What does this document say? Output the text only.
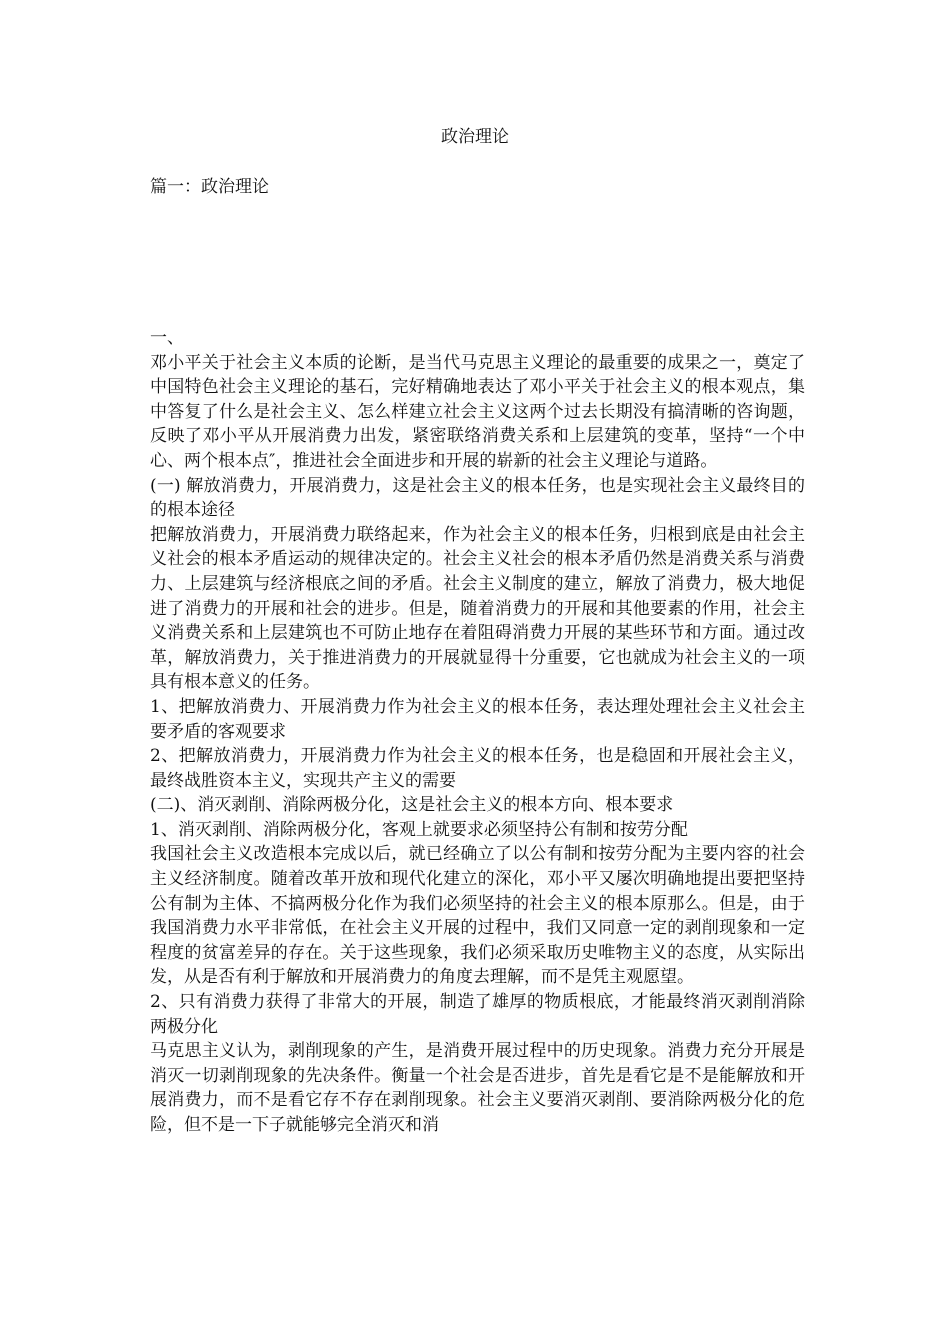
政治理论
篇一：政治理论

一、

邓小平关于社会主义本质的论断，是当代马克思主义理论的最重要的成果之一，奠定了中国特色社会主义理论的基石，完好精确地表达了邓小平关于社会主义的根本观点，集中答复了什么是社会主义、怎么样建立社会主义这两个过去长期没有搞清晰的咨询题，反映了邓小平从开展消费力出发，紧密联络消费关系和上层建筑的变革，坚持“一个中心、两个根本点″，推进社会全面进步和开展的崭新的社会主义理论与道路。

(一) 解放消费力，开展消费力，这是社会主义的根本任务，也是实现社会主义最终目的的根本途径

把解放消费力，开展消费力联络起来，作为社会主义的根本任务，归根到底是由社会主义社会的根本矛盾运动的规律决定的。社会主义社会的根本矛盾仍然是消费关系与消费力、上层建筑与经济根底之间的矛盾。社会主义制度的建立，解放了消费力，极大地促进了消费力的开展和社会的进步。但是，随着消费力的开展和其他要素的作用，社会主义消费关系和上层建筑也不可防止地存在着阻碍消费力开展的某些环节和方面。通过改革，解放消费力，关于推进消费力的开展就显得十分重要，它也就成为社会主义的一项具有根本意义的任务。

1、把解放消费力、开展消费力作为社会主义的根本任务，表达理处理社会主义社会主要矛盾的客观要求

2、把解放消费力，开展消费力作为社会主义的根本任务，也是稳固和开展社会主义，最终战胜资本主义，实现共产主义的需要

(二)、消灭剥削、消除两极分化，这是社会主义的根本方向、根本要求

1、消灭剥削、消除两极分化，客观上就要求必须坚持公有制和按劳分配

我国社会主义改造根本完成以后，就已经确立了以公有制和按劳分配为主要内容的社会主义经济制度。随着改革开放和现代化建立的深化，邓小平又屡次明确地提出要把坚持公有制为主体、不搞两极分化作为我们必须坚持的社会主义的根本原那么。但是，由于我国消费力水平非常低，在社会主义开展的过程中，我们又同意一定的剥削现象和一定程度的贫富差异的存在。关于这些现象，我们必须采取历史唯物主义的态度，从实际出发，从是否有利于解放和开展消费力的角度去理解，而不是凭主观愿望。

2、只有消费力获得了非常大的开展，制造了雄厚的物质根底，才能最终消灭剥削消除两极分化

马克思主义认为，剥削现象的产生，是消费开展过程中的历史现象。消费力充分开展是消灭一切剥削现象的先决条件。衡量一个社会是否进步，首先是看它是不是能解放和开展消费力，而不是看它存不存在剥削现象。社会主义要消灭剥削、要消除两极分化的危险，但不是一下子就能够完全消灭和消
